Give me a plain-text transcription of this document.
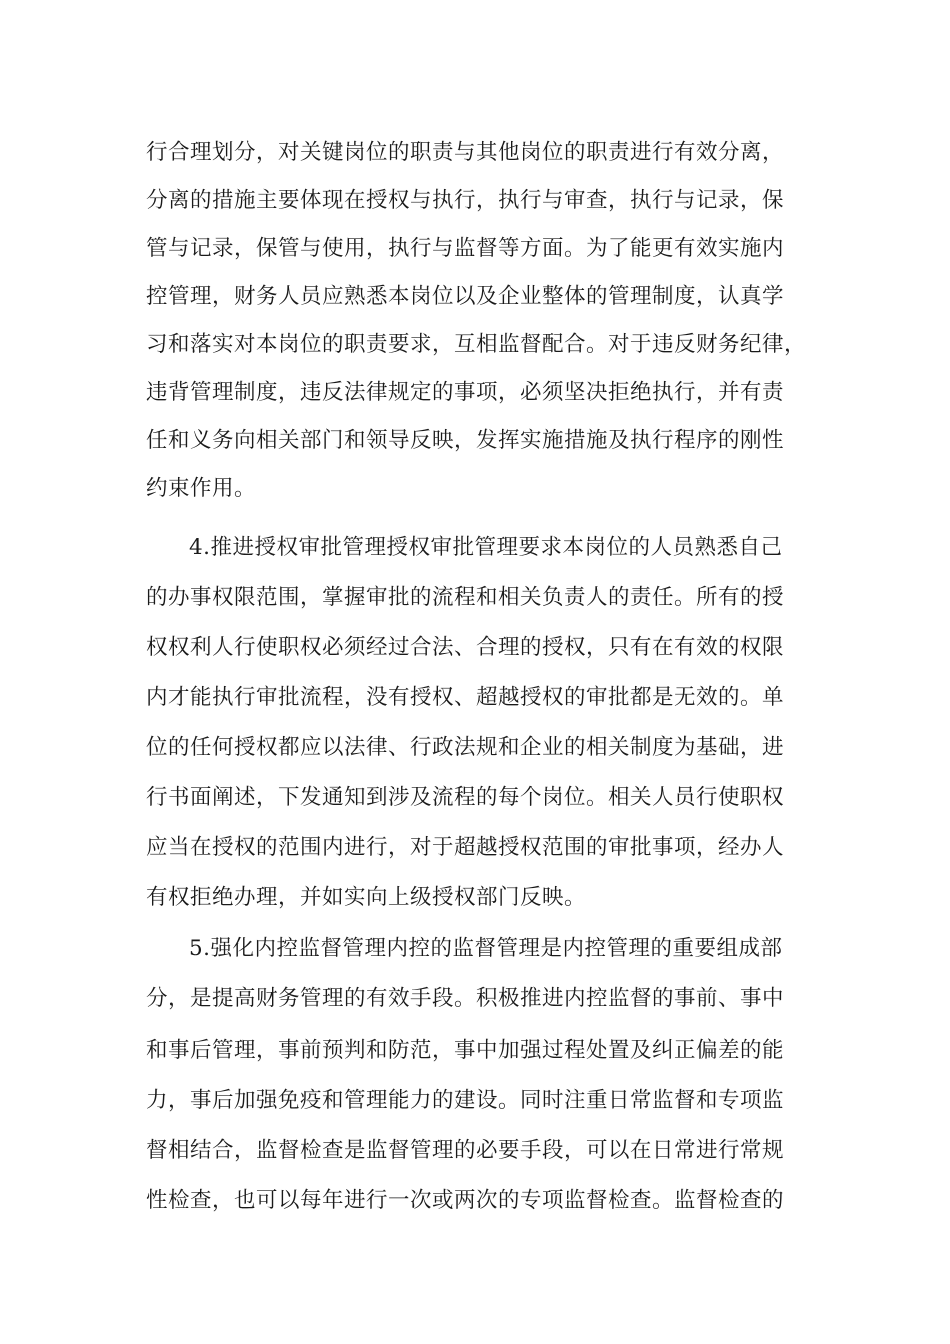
行合理划分，对关键岗位的职责与其他岗位的职责进行有效分离，
分离的措施主要体现在授权与执行，执行与审查，执行与记录，保
管与记录，保管与使用，执行与监督等方面。为了能更有效实施内
控管理，财务人员应熟悉本岗位以及企业整体的管理制度，认真学
习和落实对本岗位的职责要求，互相监督配合。对于违反财务纪律，
违背管理制度，违反法律规定的事项，必须坚决拒绝执行，并有责
任和义务向相关部门和领导反映，发挥实施措施及执行程序的刚性
约束作用。
4.推进授权审批管理授权审批管理要求本岗位的人员熟悉自己
的办事权限范围，掌握审批的流程和相关负责人的责任。所有的授
权权利人行使职权必须经过合法、合理的授权，只有在有效的权限
内才能执行审批流程，没有授权、超越授权的审批都是无效的。单
位的任何授权都应以法律、行政法规和企业的相关制度为基础，进
行书面阐述，下发通知到涉及流程的每个岗位。相关人员行使职权
应当在授权的范围内进行，对于超越授权范围的审批事项，经办人
有权拒绝办理，并如实向上级授权部门反映。
5.强化内控监督管理内控的监督管理是内控管理的重要组成部
分，是提高财务管理的有效手段。积极推进内控监督的事前、事中
和事后管理，事前预判和防范，事中加强过程处置及纠正偏差的能
力，事后加强免疫和管理能力的建设。同时注重日常监督和专项监
督相结合，监督检查是监督管理的必要手段，可以在日常进行常规
性检查，也可以每年进行一次或两次的专项监督检查。监督检查的
